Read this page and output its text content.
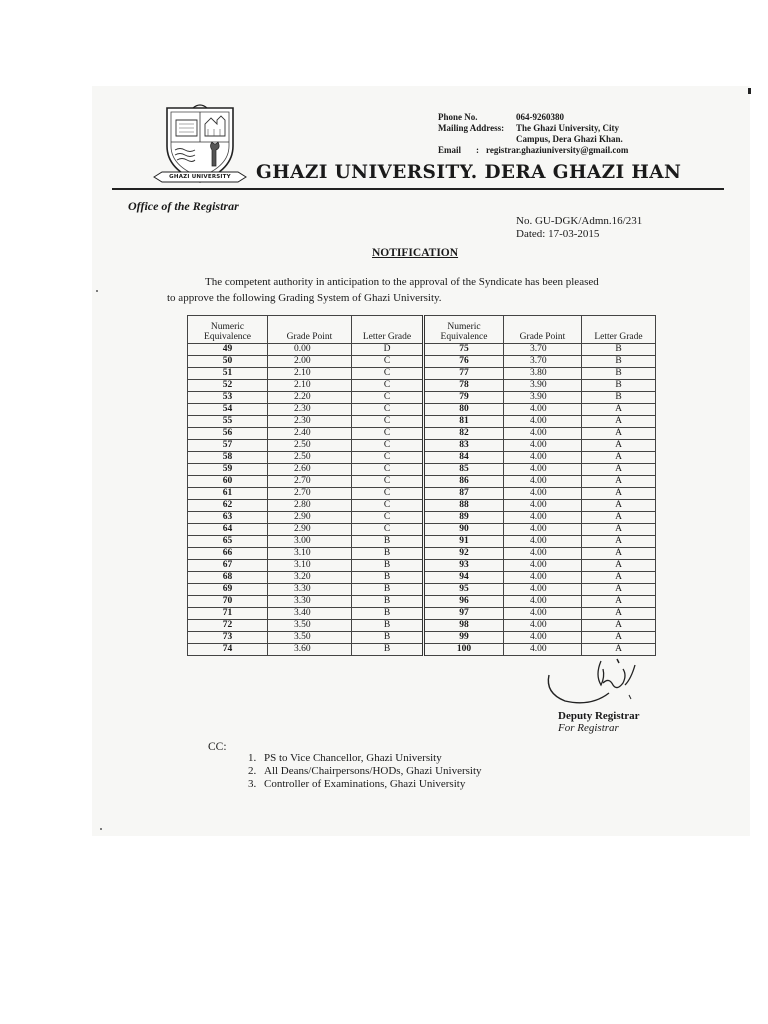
GHAZI UNIVERSITY
Phone No.	064-9260380
Mailing Address:	The Ghazi University, City
Campus, Dera Ghazi Khan.
Email	: registrar.ghaziuniversity@gmail.com
GHAZI UNIVERSITY. DERA GHAZI HAN
Office of the Registrar
No. GU-DGK/Admn.16/231
Dated: 17-03-2015
NOTIFICATION
The competent authority in anticipation to the approval of the Syndicate has been pleased
to approve the following Grading System of Ghazi University.
Numeric Equivalence	Grade Point	Letter Grade	Numeric Equivalence	Grade Point	Letter Grade
49	0.00	D	75	3.70	B
50	2.00	C	76	3.70	B
51	2.10	C	77	3.80	B
52	2.10	C	78	3.90	B
53	2.20	C	79	3.90	B
54	2.30	C	80	4.00	A
55	2.30	C	81	4.00	A
56	2.40	C	82	4.00	A
57	2.50	C	83	4.00	A
58	2.50	C	84	4.00	A
59	2.60	C	85	4.00	A
60	2.70	C	86	4.00	A
61	2.70	C	87	4.00	A
62	2.80	C	88	4.00	A
63	2.90	C	89	4.00	A
64	2.90	C	90	4.00	A
65	3.00	B	91	4.00	A
66	3.10	B	92	4.00	A
67	3.10	B	93	4.00	A
68	3.20	B	94	4.00	A
69	3.30	B	95	4.00	A
70	3.30	B	96	4.00	A
71	3.40	B	97	4.00	A
72	3.50	B	98	4.00	A
73	3.50	B	99	4.00	A
74	3.60	B	100	4.00	A
Deputy Registrar
For Registrar
CC:
1. PS to Vice Chancellor, Ghazi University
2. All Deans/Chairpersons/HODs, Ghazi University
3. Controller of Examinations, Ghazi University
